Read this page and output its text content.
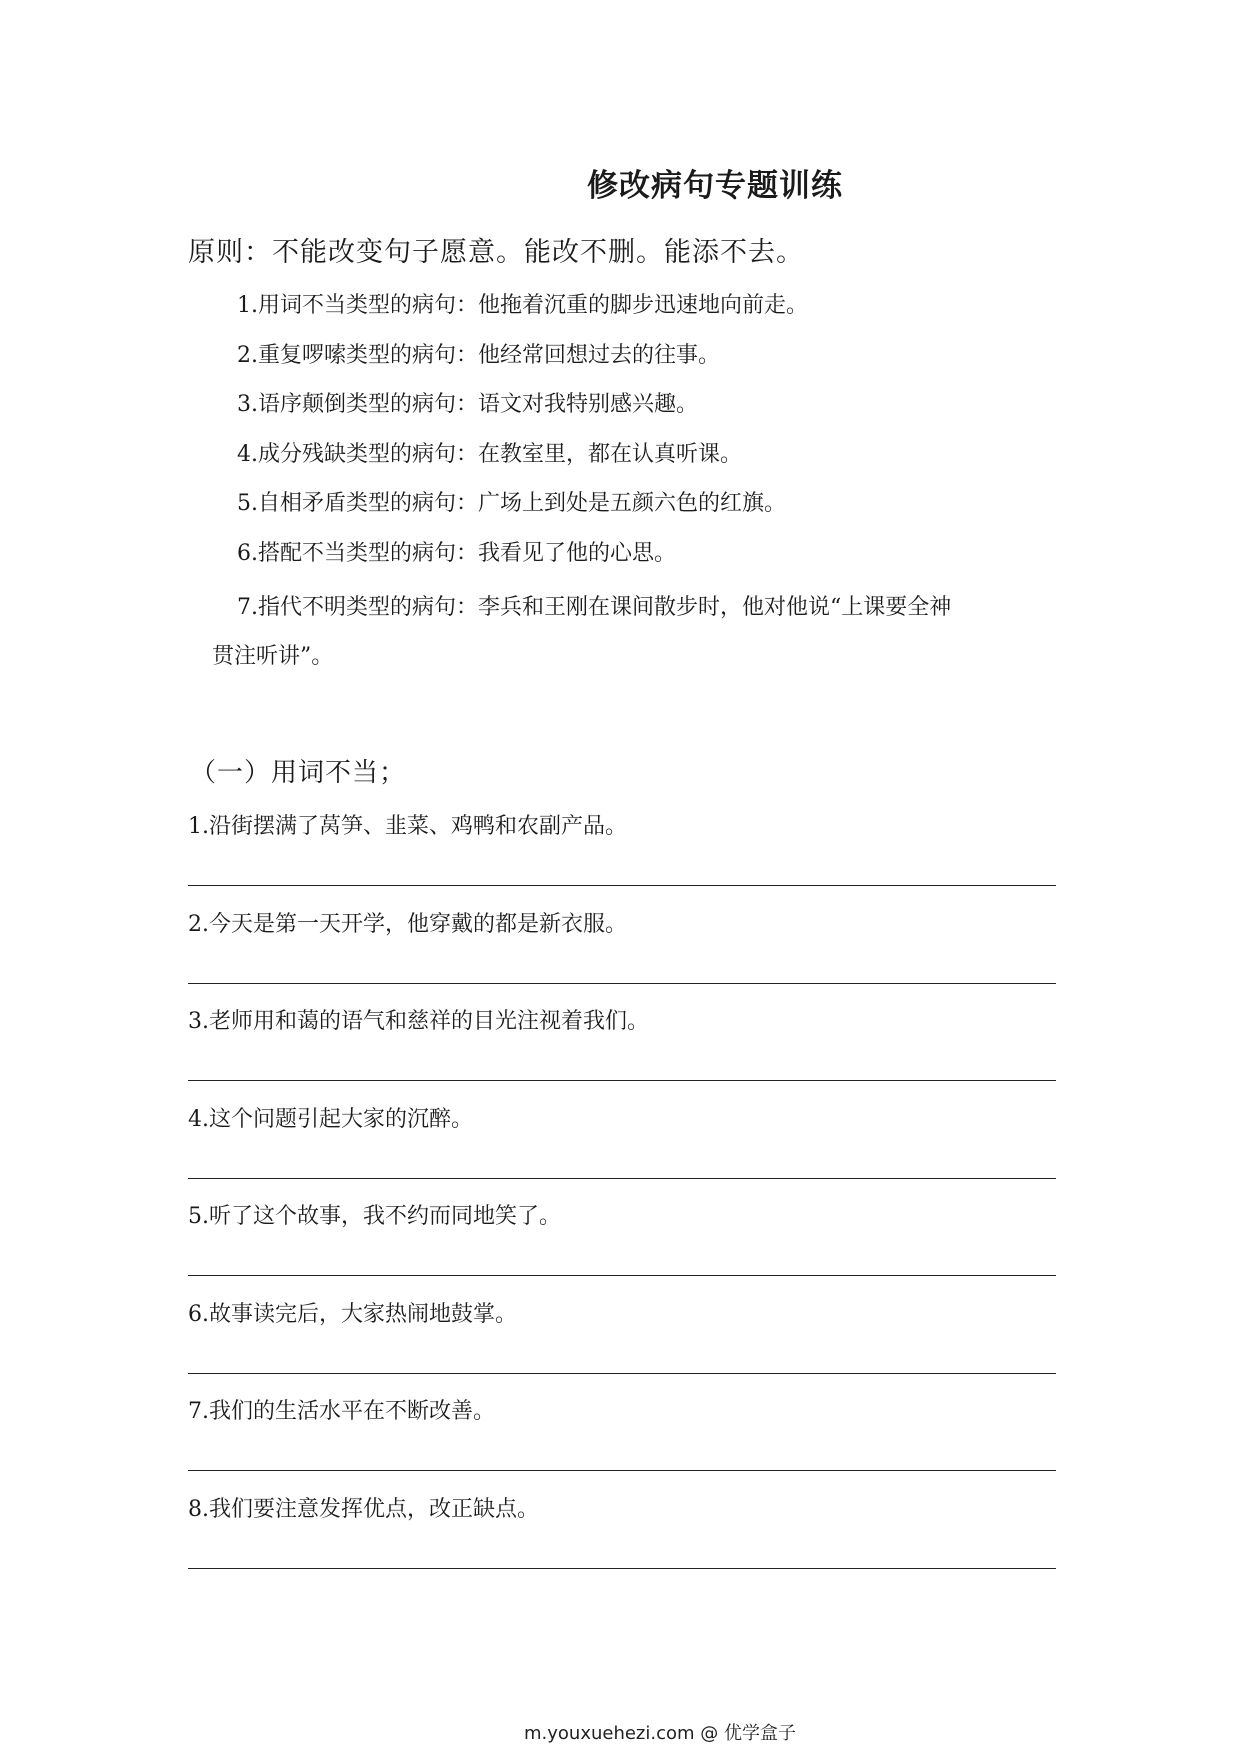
修改病句专题训练
原则：不能改变句子愿意。能改不删。能添不去。
1.用词不当类型的病句：他拖着沉重的脚步迅速地向前走。
2.重复啰嗦类型的病句：他经常回想过去的往事。
3.语序颠倒类型的病句：语文对我特别感兴趣。
4.成分残缺类型的病句：在教室里，都在认真听课。
5.自相矛盾类型的病句：广场上到处是五颜六色的红旗。
6.搭配不当类型的病句：我看见了他的心思。
7.指代不明类型的病句：李兵和王刚在课间散步时，他对他说“上课要全神
贯注听讲”。
（一）用词不当；
1.沿街摆满了莴笋、韭菜、鸡鸭和农副产品。
2.今天是第一天开学，他穿戴的都是新衣服。
3.老师用和蔼的语气和慈祥的目光注视着我们。
4.这个问题引起大家的沉醉。
5.听了这个故事，我不约而同地笑了。
6.故事读完后，大家热闹地鼓掌。
7.我们的生活水平在不断改善。
8.我们要注意发挥优点，改正缺点。
m.youxuehezi.com @ 优学盒子
